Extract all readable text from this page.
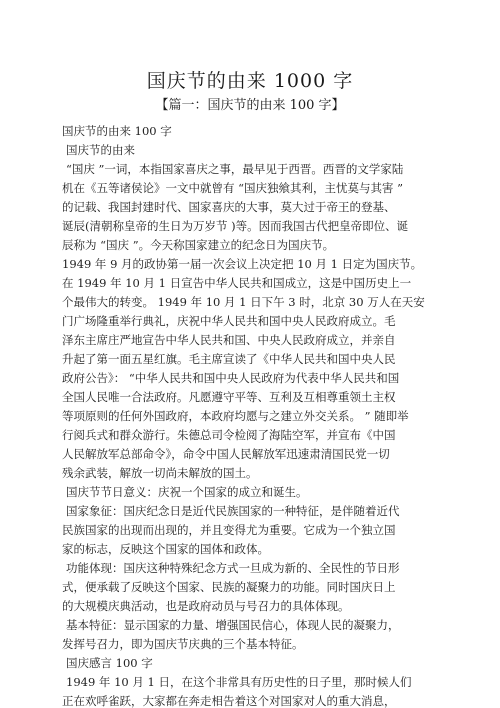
国庆节的由来 1000 字
【篇一：国庆节的由来 100 字】
国庆节的由来 100 字
国庆节的由来
“国庆 ”一词，本指国家喜庆之事，最早见于西晋。西晋的文学家陆
机在《五等诸侯论》一文中就曾有 “国庆独飨其利，主忧莫与其害 ”
的记载、我国封建时代、国家喜庆的大事，莫大过于帝王的登基、
诞辰(清朝称皇帝的生日为万岁节 )等。因而我国古代把皇帝即位、诞
辰称为 “国庆 ”。今天称国家建立的纪念日为国庆节。
1949 年 9 月的政协第一届一次会议上决定把 10 月 1 日定为国庆节。
在 1949 年 10 月 1 日宣告中华人民共和国成立，这是中国历史上一
个最伟大的转变。 1949 年 10 月 1 日下午 3 时，北京 30 万人在天安
门广场隆重举行典礼，庆祝中华人民共和国中央人民政府成立。毛
泽东主席庄严地宣告中华人民共和国、中央人民政府成立，并亲自
升起了第一面五星红旗。毛主席宣读了《中华人民共和国中央人民
政府公告》： “中华人民共和国中央人民政府为代表中华人民共和国
全国人民唯一合法政府。凡愿遵守平等、互利及互相尊重领土主权
等项原则的任何外国政府，本政府均愿与之建立外交关系。 ” 随即举
行阅兵式和群众游行。朱德总司令检阅了海陆空军，并宣布《中国
人民解放军总部命令》，命令中国人民解放军迅速肃清国民党一切
残余武装，解放一切尚未解放的国土。
国庆节节日意义：庆祝一个国家的成立和诞生。
国家象征：国庆纪念日是近代民族国家的一种特征，是伴随着近代
民族国家的出现而出现的，并且变得尤为重要。它成为一个独立国
家的标志，反映这个国家的国体和政体。
功能体现：国庆这种特殊纪念方式一旦成为新的、全民性的节日形
式，便承载了反映这个国家、民族的凝聚力的功能。同时国庆日上
的大规模庆典活动，也是政府动员与号召力的具体体现。
基本特征：显示国家的力量、增强国民信心，体现人民的凝聚力，
发挥号召力，即为国庆节庆典的三个基本特征。
国庆感言 100 字
1949 年 10 月 1 日，在这个非常具有历史性的日子里，那时候人们
正在欢呼雀跃，大家都在奔走相告着这个对国家对人的重大消息，
